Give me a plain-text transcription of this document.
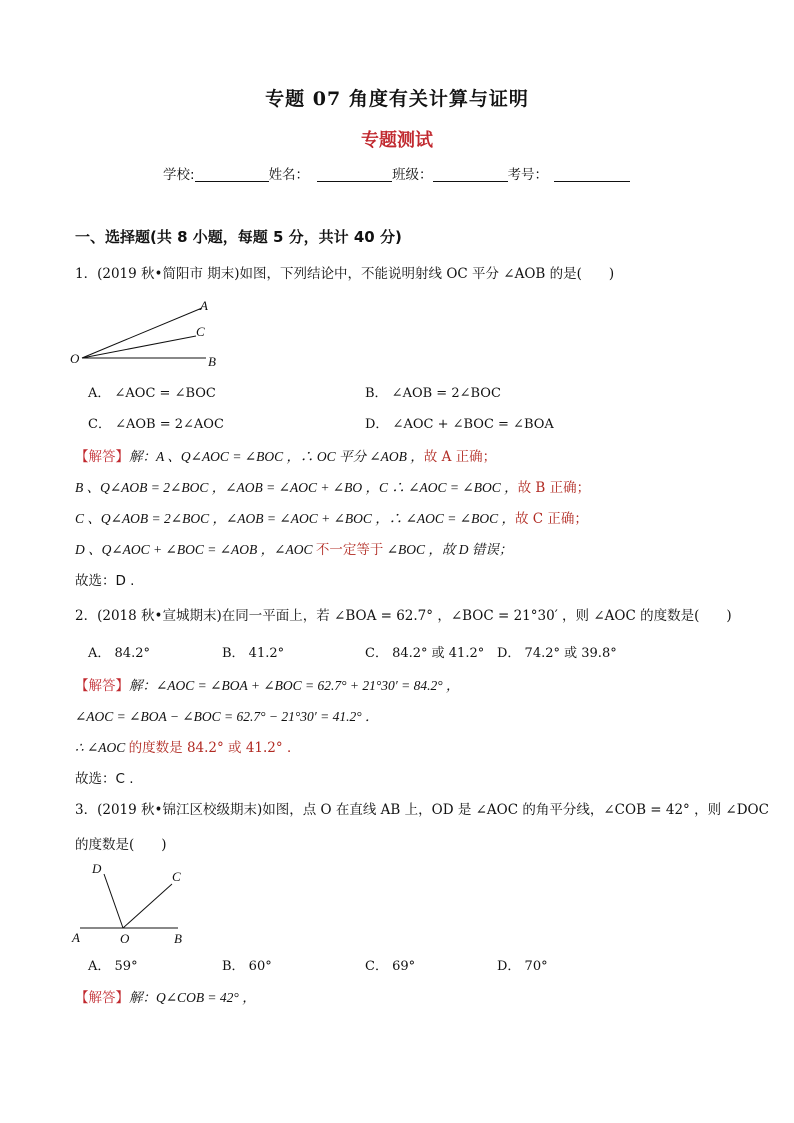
专题 07 角度有关计算与证明
专题测试
学校:	姓名：	班级：	考号：
一、选择题(共 8 小题，每题 5 分，共计 40 分)
1．(2019 秋•简阳市 期末)如图，下列结论中，不能说明射线 OC 平分 ∠AOB 的是(　　)
A
C
O	B
A． ∠AOC = ∠BOC	B． ∠AOB = 2∠BOC
C． ∠AOB = 2∠AOC	D． ∠AOC + ∠BOC = ∠BOA
【解答】解：A 、Q∠AOC = ∠BOC ，∴ OC 平分 ∠AOB ，故 A 正确；
B 、Q∠AOB = 2∠BOC ，∠AOB = ∠AOC + ∠BO ，C ∴ ∠AOC = ∠BOC ，故 B 正确；
C 、Q∠AOB = 2∠BOC ，∠AOB = ∠AOC + ∠BOC ，∴ ∠AOC = ∠BOC ，故 C 正确；
D 、Q∠AOC + ∠BOC = ∠AOB ，∠AOC 不一定等于 ∠BOC ，故 D 错误；
故选：D .
2．(2018 秋•宣城期末)在同一平面上，若 ∠BOA = 62.7° ，∠BOC = 21°30′ ，则 ∠AOC 的度数是(　　)
A． 84.2°	B． 41.2°	C． 84.2° 或 41.2° D． 74.2° 或 39.8°
【解答】解：∠AOC = ∠BOA + ∠BOC = 62.7° + 21°30′ = 84.2° ，
∠AOC = ∠BOA − ∠BOC = 62.7° − 21°30′ = 41.2° ．
∴ ∠AOC 的度数是 84.2° 或 41.2° ．
故选：C .
3．(2019 秋•锦江区校级期末)如图，点 O 在直线 AB 上，OD 是 ∠AOC 的角平分线，∠COB = 42° ，则 ∠DOC
的度数是(　　)
D
C
A	O	B
A． 59°	B． 60°	C． 69°	D． 70°
【解答】解：Q∠COB = 42° ，
